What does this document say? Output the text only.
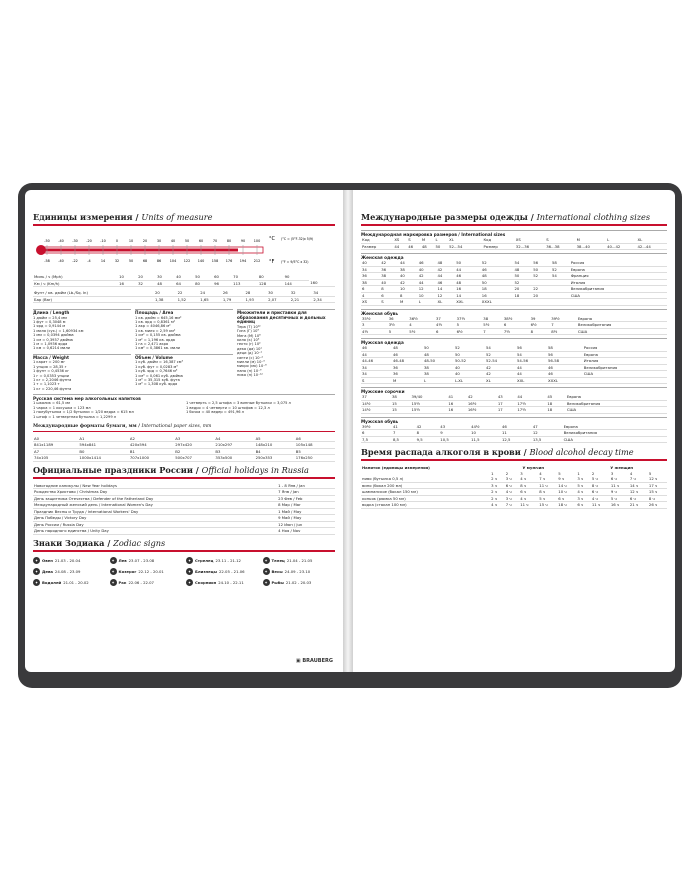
Единицы измерения / Units of measure
-50 -40 -30 -20 -10	0	10	20	30	40	50	60	70	80	90	100
-58 -40 -22	-4	14	32	50	68	86	104 122 140 158 176 194 212
°C
°F
(°C = (5°F-32)x 5/9)
(°F = 9/5°C x 32)
Миль / ч (Mph)	10	20	30	40	50	60	70	80	90	
Км / ч (Km/h)	16	32	48	64	80	96	113	128	144	160
Фунт / кв. дюйм (Lb./Sq. In)	20	22	24	26	28	30	32	34
Бар (Bar)	1,38	1,52	1,65	1,79	1,93	2,07	2,21	2,34
Длина / Length
1 дюйм = 25,4 мм
1 фут = 0,3048 м
1 ярд = 0,9144 м
1 миля (сух.) = 1,60934 км
1 мм = 0,0394 дюйма
1 см = 0,3937 дюйма
1 м = 1,0936 ярда
1 км = 0,6214 мили
Масса / Weight
1 карат = 200 мг
1 унция = 28,35 г
1 фунт = 0,4536 кг
1 г = 0,0353 унции
1 кг = 2,2046 фунта
1 т = 1,1023 т
1 кг = 220,46 фунта
Площадь / Area
1 кв. дюйм = 645,16 мм²
1 кв. ярд = 0,8361 м²
1 акр = 4046,86 м²
1 кв. миля = 2,59 км²
1 см² = 0,155 кв. дюйма
1 м² = 1,196 кв. ярда
1 га = 2,471 акра
1 км² = 0,3861 кв. мили
Объем / Volume
1 куб. дюйм = 16,387 см³
1 куб. фут = 0,0283 м³
1 куб. ярд = 0,7646 м³
1 см³ = 0,061 куб. дюйма
1 м³ = 35,315 куб. фута
1 м³ = 1,308 куб. ярда
Множители и приставки для образования десятичных и дольных единиц
Тера (Т) 10¹²
Гига (Г) 10⁹
Мега (М) 10⁶
кило (к) 10³
гекто (г) 10²
дека (да) 10¹
деци (д) 10⁻¹
санти (с) 10⁻²
милли (м) 10⁻³
микро (мк) 10⁻⁶
нано (н) 10⁻⁹
пико (п) 10⁻¹²
Русская система мер алкогольных напитков
1 шкалик = 61,5 мл
1 чарка = 1 косушка = 123 мл
1 полубутылка = 1/2 бутылки = 1/20 ведра = 615 мл
1 штоф = 1 четвертная бутылка = 1,2299 л
1 четверть = 2,5 штофа = 3 винные бутылки = 3,075 л
1 ведро = 4 четверти = 10 штофов = 12,3 л
1 бочка = 40 ведер = 491,96 л
Международные форматы бумаги, мм / International paper sizes, mm
A0	A1	A2	A3	A4	A5	A6
841x1189	594x841	420x594	297x420	210x297	148x210	105x148
A7	B0	B1	B2	B3	B4	B5
74x105	1000x1414	707x1000	500x707	353x500	250x353	176x250
Официальные праздники России / Official holidays in Russia
Новогодние каникулы / New Year holidays	1 - 8 Янв / Jan
Рождество Христово / Christmas Day	7 Янв / Jan
День защитника Отечества / Defender of the Fatherland Day	23 Фев / Feb
Международный женский день / International Women's Day	8 Мар / Mar
Праздник Весны и Труда / International Workers' Day	1 Май / May
День Победы / Victory Day	9 Май / May
День России / Russia Day	12 Июн / Jun
День народного единства / Unity Day	4 Ноя / Nov
Знаки Зодиака / Zodiac signs
✦	Овен 21.03 - 20.04	✦	Лев 23.07 - 23.08	✦	Стрелец 23.11 - 21.12	✦	Телец 21.04 - 21.05
✦	Дева 24.08 - 23.09	✦	Козерог 22.12 - 20.01	✦	Близнецы 22.05 - 21.06	✦	Весы 24.09 - 23.10
✦	Водолей 21.01 - 20.02	✦	Рак 22.06 - 22.07	✦	Скорпион 24.10 - 22.11	✦	Рыбы 21.02 - 20.03
▣ BRAUBERG
Международные размеры одежды / International clothing sizes
Международная маркировка размеров / International sizes
Код	XS	S	M	L	XL		Код	XS	S	M	L	XL
Размер	44	46	48	50	52...54		Размер	32...36	36...38	38...40	40...42	42...44
Женская одежда
40	42	44	46	48	50	52	54	56	58	Россия
34	36	38	40	42	44	46	48	50	52	Европа
36	38	40	42	44	46	48	50	52	54	Франция
38	40	42	44	46	48	50	52			Италия
6	8	10	12	14	16	18	20	22		Великобритания
4	6	8	10	12	14	16	18	20		США
XS	S	M	L	XL	XXL	XXXL				
Женская обувь
35½	36	36½	37	37½	38	38½	39	39½	Европа
3	3½	4	4½	5	5½	6	6½	7	Великобритания
4½	5	5½	6	6½	7	7½	8	8½	США
Мужская одежда
46	48	50	52	54	56	58		Россия
44	46	48	50	52	54	56		Европа
44-46	46-48	48-50	50-52	52-54	54-56	56-58		Италия
34	36	38	40	42	44	46		Великобритания
34	36	38	40	42	44	46		США
S	M	L	L-XL	XL	XXL	XXXL		
Мужские сорочки
37	38	39/40	41	42	43	44	45	Европа
14½	15	15½	16	16½	17	17½	18	Великобритания
14½	15	15½	16	16½	17	17½	18	США
Мужская обувь
39½	41	42	43	44½	46	47	Европа
6	7	8	9	10	11	12	Великобритания
7,5	8,5	9,5	10,5	11,5	12,5	13,5	США
Время распада алкоголя в крови / Blood alcohol decay time
Напиток (единицы измерения)	У мужчин					У женщин				
	1	2	3	4	5	1	2	3	4	5
пиво (бутылка 0,5 л)	2 ч	3 ч	4 ч	7 ч	9 ч	3 ч	5 ч	6 ч	7 ч	12 ч
вино (бокал 200 мл)	3 ч	6 ч	8 ч	11 ч	14 ч	5 ч	8 ч	11 ч	14 ч	17 ч
шампанское (бокал 150 мл)	2 ч	4 ч	6 ч	8 ч	10 ч	4 ч	6 ч	9 ч	12 ч	15 ч
коньяк (рюмка 50 мл)	2 ч	3 ч	4 ч	5 ч	6 ч	3 ч	4 ч	5 ч	6 ч	8 ч
водка (стакан 100 мл)	4 ч	7 ч	11 ч	15 ч	18 ч	6 ч	11 ч	16 ч	21 ч	26 ч
